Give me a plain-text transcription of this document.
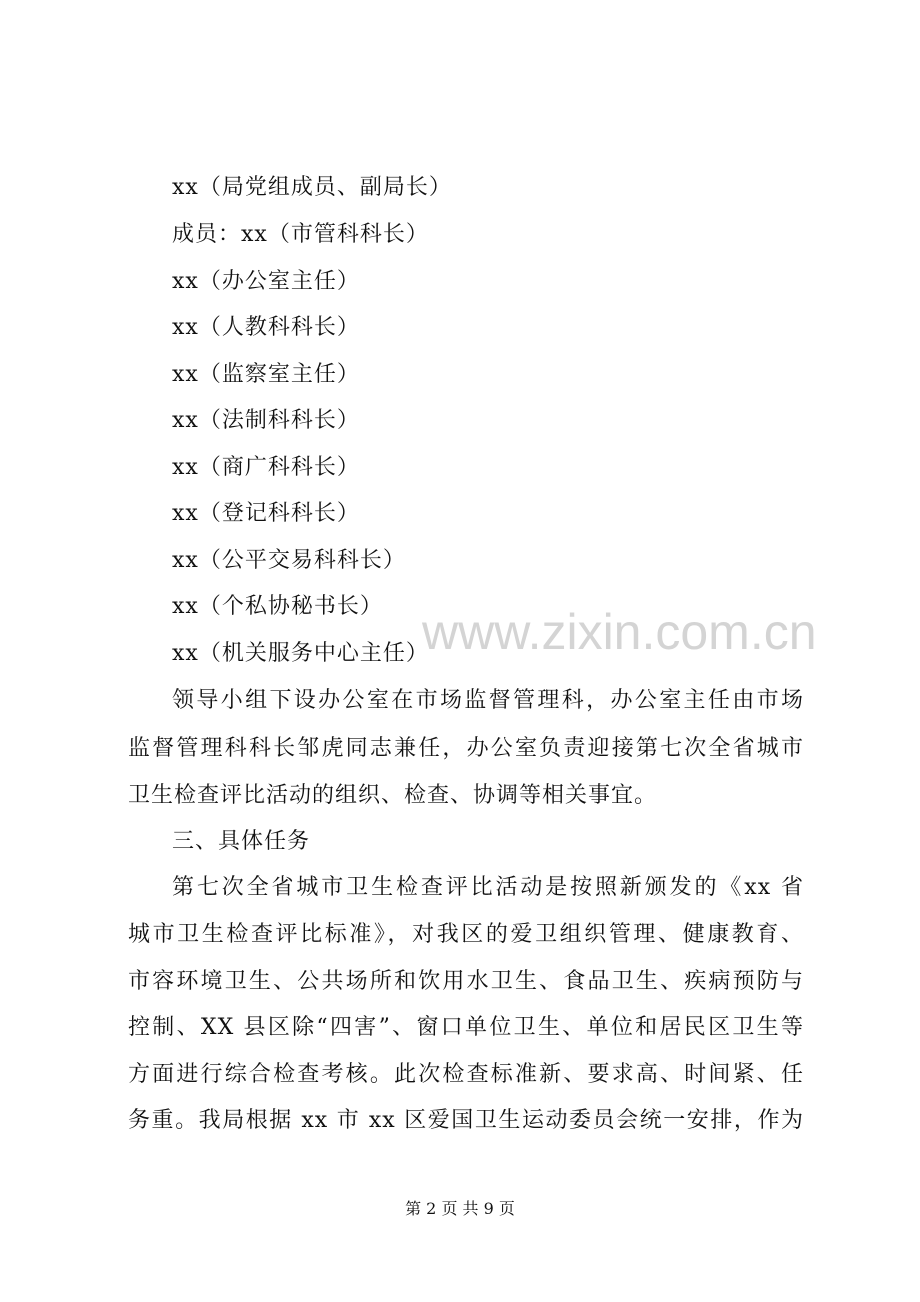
www.zixin.com.cn
xx（局党组成员、副局长）
成员：xx（市管科科长）
xx（办公室主任）
xx（人教科科长）
xx（监察室主任）
xx（法制科科长）
xx（商广科科长）
xx（登记科科长）
xx（公平交易科科长）
xx（个私协秘书长）
xx（机关服务中心主任）
领导小组下设办公室在市场监督管理科，办公室主任由市场
监督管理科科长邹虎同志兼任，办公室负责迎接第七次全省城市
卫生检查评比活动的组织、检查、协调等相关事宜。
三、具体任务
第七次全省城市卫生检查评比活动是按照新颁发的《xx 省
城市卫生检查评比标准》，对我区的爱卫组织管理、健康教育、
市容环境卫生、公共场所和饮用水卫生、食品卫生、疾病预防与
控制、XX 县区除“四害”、窗口单位卫生、单位和居民区卫生等
方面进行综合检查考核。此次检查标准新、要求高、时间紧、任
务重。我局根据 xx 市 xx 区爱国卫生运动委员会统一安排，作为
第 2 页 共 9 页
